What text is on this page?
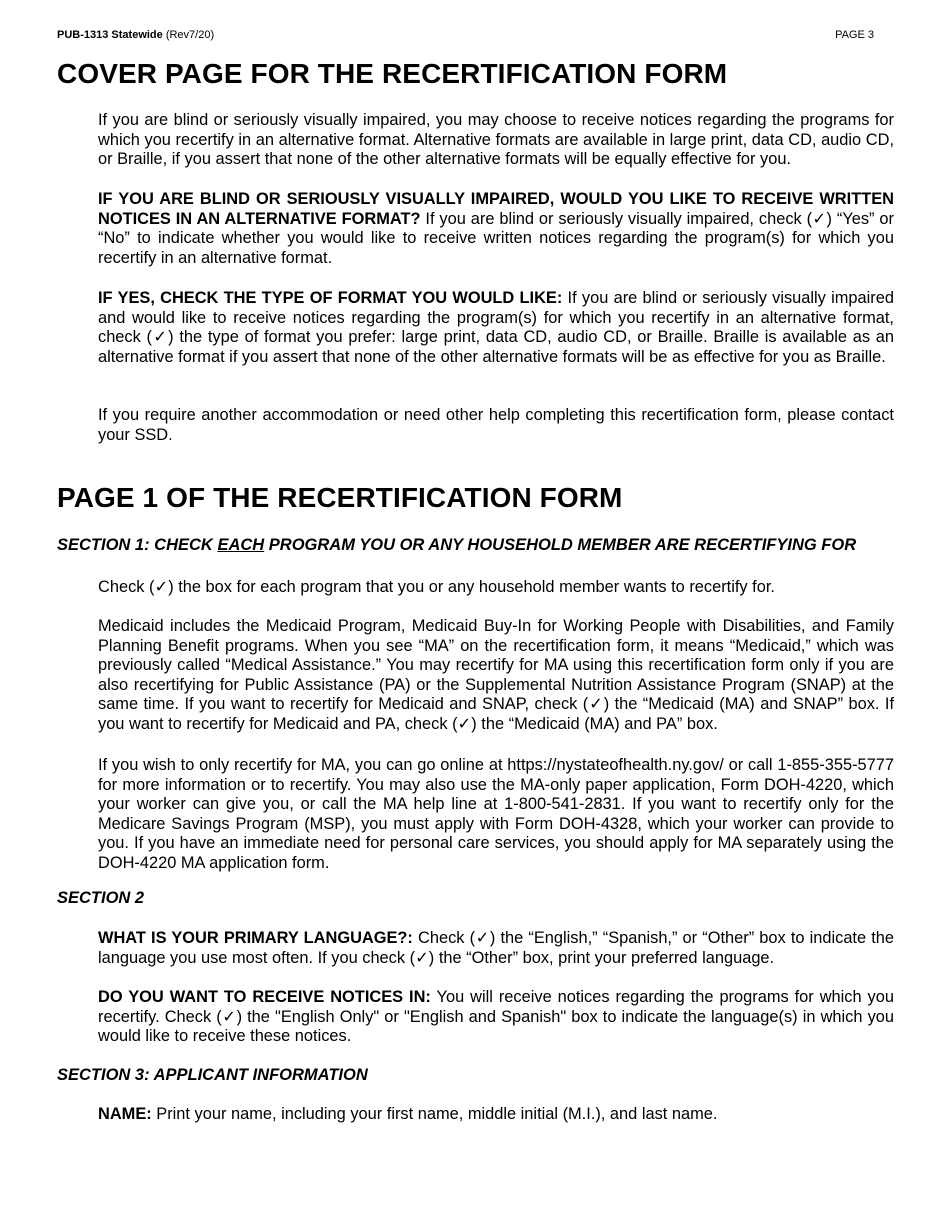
PUB-1313 Statewide (Rev7/20)	PAGE 3
COVER PAGE FOR THE RECERTIFICATION FORM

If you are blind or seriously visually impaired, you may choose to receive notices regarding the programs for which you recertify in an alternative format. Alternative formats are available in large print, data CD, audio CD, or Braille, if you assert that none of the other alternative formats will be equally effective for you.

IF YOU ARE BLIND OR SERIOUSLY VISUALLY IMPAIRED, WOULD YOU LIKE TO RECEIVE WRITTEN NOTICES IN AN ALTERNATIVE FORMAT? If you are blind or seriously visually impaired, check (✓) “Yes” or “No” to indicate whether you would like to receive written notices regarding the program(s) for which you recertify in an alternative format.

IF YES, CHECK THE TYPE OF FORMAT YOU WOULD LIKE: If you are blind or seriously visually impaired and would like to receive notices regarding the program(s) for which you recertify in an alternative format, check (✓) the type of format you prefer: large print, data CD, audio CD, or Braille. Braille is available as an alternative format if you assert that none of the other alternative formats will be as effective for you as Braille.

If you require another accommodation or need other help completing this recertification form, please contact your SSD.

PAGE 1 OF THE RECERTIFICATION FORM
SECTION 1: CHECK EACH PROGRAM YOU OR ANY HOUSEHOLD MEMBER ARE RECERTIFYING FOR

Check (✓) the box for each program that you or any household member wants to recertify for.

Medicaid includes the Medicaid Program, Medicaid Buy-In for Working People with Disabilities, and Family Planning Benefit programs. When you see “MA” on the recertification form, it means “Medicaid,” which was previously called “Medical Assistance.” You may recertify for MA using this recertification form only if you are also recertifying for Public Assistance (PA) or the Supplemental Nutrition Assistance Program (SNAP) at the same time. If you want to recertify for Medicaid and SNAP, check (✓) the “Medicaid (MA) and SNAP” box. If you want to recertify for Medicaid and PA, check (✓) the “Medicaid (MA) and PA” box.

If you wish to only recertify for MA, you can go online at https://nystateofhealth.ny.gov/ or call 1-855-355-5777 for more information or to recertify. You may also use the MA-only paper application, Form DOH-4220, which your worker can give you, or call the MA help line at 1-800-541-2831. If you want to recertify only for the Medicare Savings Program (MSP), you must apply with Form DOH-4328, which your worker can provide to you. If you have an immediate need for personal care services, you should apply for MA separately using the DOH-4220 MA application form.

SECTION 2

WHAT IS YOUR PRIMARY LANGUAGE?: Check (✓) the “English,” “Spanish,” or “Other” box to indicate the language you use most often. If you check (✓) the “Other” box, print your preferred language.

DO YOU WANT TO RECEIVE NOTICES IN: You will receive notices regarding the programs for which you recertify. Check (✓) the "English Only" or "English and Spanish" box to indicate the language(s) in which you would like to receive these notices.

SECTION 3: APPLICANT INFORMATION

NAME: Print your name, including your first name, middle initial (M.I.), and last name.
